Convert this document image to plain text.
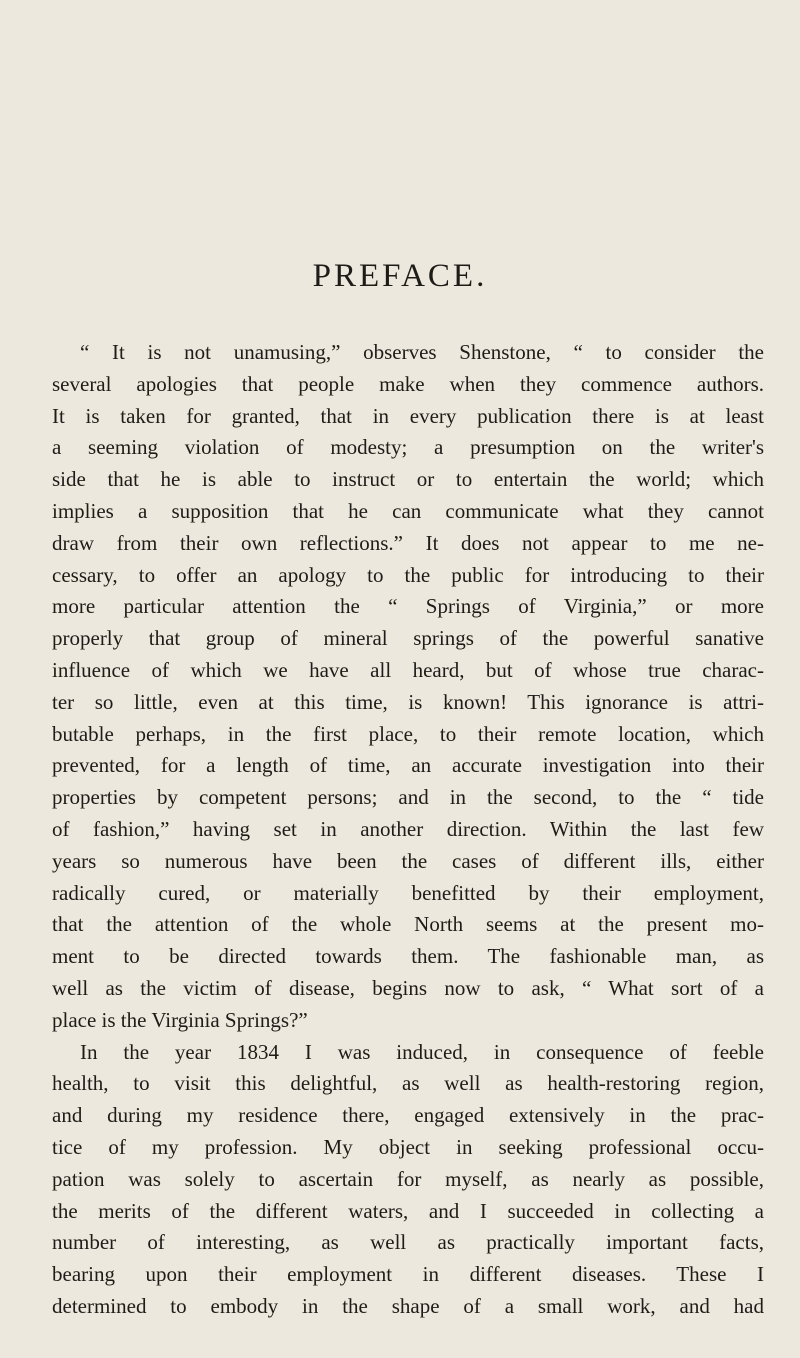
PREFACE.
“ It is not unamusing,” observes Shenstone, “ to consider the
several apologies that people make when they commence authors.
It is taken for granted, that in every publication there is at least
a seeming violation of modesty; a presumption on the writer's
side that he is able to instruct or to entertain the world; which
implies a supposition that he can communicate what they cannot
draw from their own reflections.” It does not appear to me ne-
cessary, to offer an apology to the public for introducing to their
more particular attention the “ Springs of Virginia,” or more
properly that group of mineral springs of the powerful sanative
influence of which we have all heard, but of whose true charac-
ter so little, even at this time, is known! This ignorance is attri-
butable perhaps, in the first place, to their remote location, which
prevented, for a length of time, an accurate investigation into their
properties by competent persons; and in the second, to the “ tide
of fashion,” having set in another direction. Within the last few
years so numerous have been the cases of different ills, either
radically cured, or materially benefitted by their employment,
that the attention of the whole North seems at the present mo-
ment to be directed towards them. The fashionable man, as
well as the victim of disease, begins now to ask, “ What sort of a
place is the Virginia Springs?”
In the year 1834 I was induced, in consequence of feeble
health, to visit this delightful, as well as health-restoring region,
and during my residence there, engaged extensively in the prac-
tice of my profession. My object in seeking professional occu-
pation was solely to ascertain for myself, as nearly as possible,
the merits of the different waters, and I succeeded in collecting a
number of interesting, as well as practically important facts,
bearing upon their employment in different diseases. These I
determined to embody in the shape of a small work, and had
